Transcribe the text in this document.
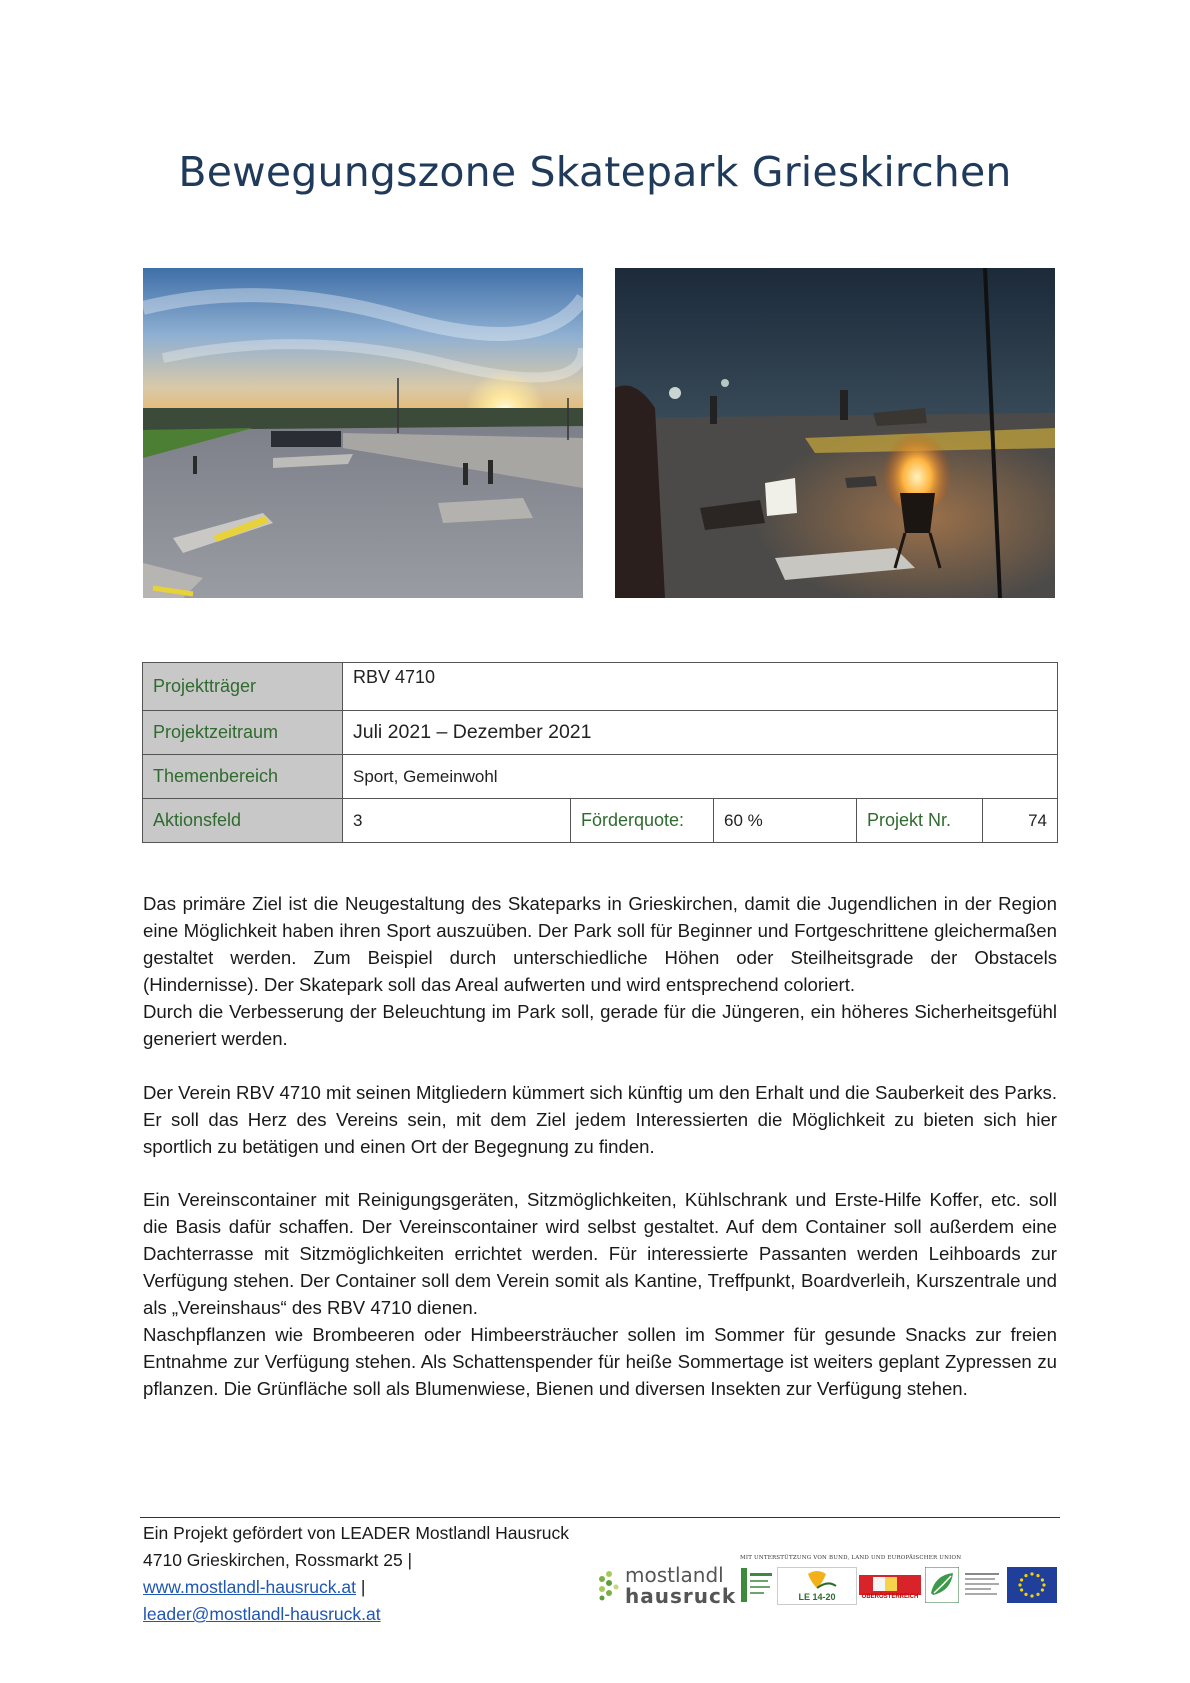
Bewegungszone Skatepark Grieskirchen
Projektträger	RBV 4710				
Projektzeitraum	Juli 2021 – Dezember 2021				
Themenbereich	Sport, Gemeinwohl				
Aktionsfeld	3	Förderquote:	60 %	Projekt Nr.	74

Das primäre Ziel ist die Neugestaltung des Skateparks in Grieskirchen, damit die Jugendlichen in der Region eine Möglichkeit haben ihren Sport auszuüben. Der Park soll für Beginner und Fortgeschrittene gleichermaßen gestaltet werden. Zum Beispiel durch unterschiedliche Höhen oder Steilheitsgrade der Obstacels (Hindernisse). Der Skatepark soll das Areal aufwerten und wird entsprechend coloriert.

Durch die Verbesserung der Beleuchtung im Park soll, gerade für die Jüngeren, ein höheres Sicherheitsgefühl generiert werden.

Der Verein RBV 4710 mit seinen Mitgliedern kümmert sich künftig um den Erhalt und die Sauberkeit des Parks. Er soll das Herz des Vereins sein, mit dem Ziel jedem Interessierten die Möglichkeit zu bieten sich hier sportlich zu betätigen und einen Ort der Begegnung zu finden.

Ein Vereinscontainer mit Reinigungsgeräten, Sitzmöglichkeiten, Kühlschrank und Erste-Hilfe Koffer, etc. soll die Basis dafür schaffen. Der Vereinscontainer wird selbst gestaltet. Auf dem Container soll außerdem eine Dachterrasse mit Sitzmöglichkeiten errichtet werden. Für interessierte Passanten werden Leihboards zur Verfügung stehen. Der Container soll dem Verein somit als Kantine, Treffpunkt, Boardverleih, Kurszentrale und als „Vereinshaus“ des RBV 4710 dienen.

Naschpflanzen wie Brombeeren oder Himbeersträucher sollen im Sommer für gesunde Snacks zur freien Entnahme zur Verfügung stehen. Als Schattenspender für heiße Sommertage ist weiters geplant Zypressen zu pflanzen. Die Grünfläche soll als Blumenwiese, Bienen und diversen Insekten zur Verfügung stehen.

Ein Projekt gefördert von LEADER Mostlandl Hausruck
4710 Grieskirchen, Rossmarkt 25 |
www.mostlandl-hausruck.at |
leader@mostlandl-hausruck.at
mostlandl
hausruck
MIT UNTERSTÜTZUNG VON BUND, LAND UND EUROPÄISCHER UNION
LE 14-20	OBERÖSTERREICH
